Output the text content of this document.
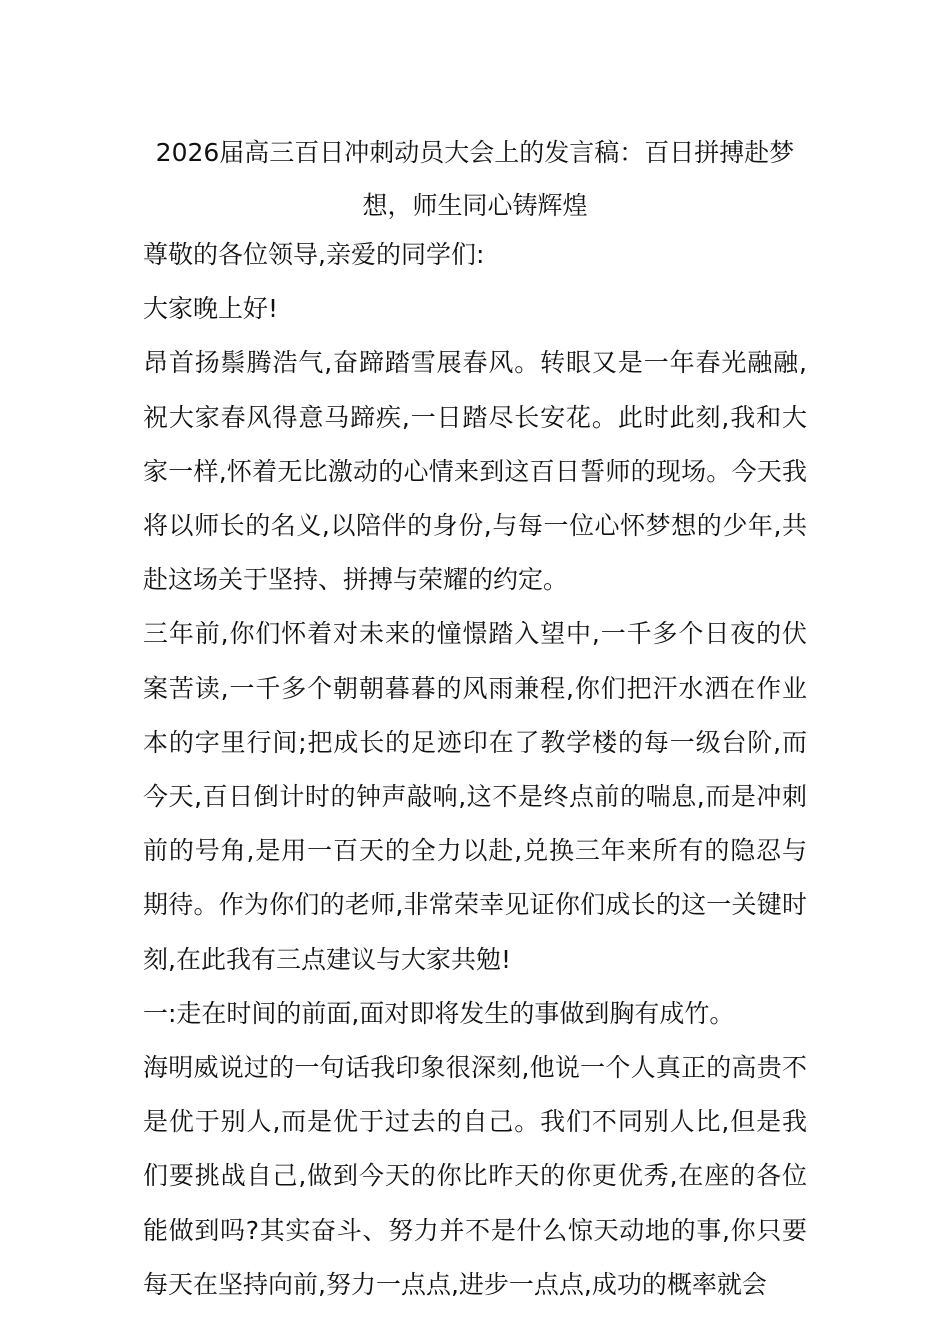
2026届高三百日冲刺动员大会上的发言稿：百日拼搏赴梦想，师生同心铸辉煌

尊敬的各位领导,亲爱的同学们:

大家晚上好!

昂首扬鬃腾浩气,奋蹄踏雪展春风。转眼又是一年春光融融,祝大家春风得意马蹄疾,一日踏尽长安花。此时此刻,我和大家一样,怀着无比激动的心情来到这百日誓师的现场。今天我将以师长的名义,以陪伴的身份,与每一位心怀梦想的少年,共赴这场关于坚持、拼搏与荣耀的约定。

三年前,你们怀着对未来的憧憬踏入望中,一千多个日夜的伏案苦读,一千多个朝朝暮暮的风雨兼程,你们把汗水洒在作业本的字里行间;把成长的足迹印在了教学楼的每一级台阶,而今天,百日倒计时的钟声敲响,这不是终点前的喘息,而是冲刺前的号角,是用一百天的全力以赴,兑换三年来所有的隐忍与期待。作为你们的老师,非常荣幸见证你们成长的这一关键时刻,在此我有三点建议与大家共勉!

一:走在时间的前面,面对即将发生的事做到胸有成竹。

海明威说过的一句话我印象很深刻,他说一个人真正的高贵不是优于别人,而是优于过去的自己。我们不同别人比,但是我们要挑战自己,做到今天的你比昨天的你更优秀,在座的各位能做到吗?其实奋斗、努力并不是什么惊天动地的事,你只要每天在坚持向前,努力一点点,进步一点点,成功的概率就会
